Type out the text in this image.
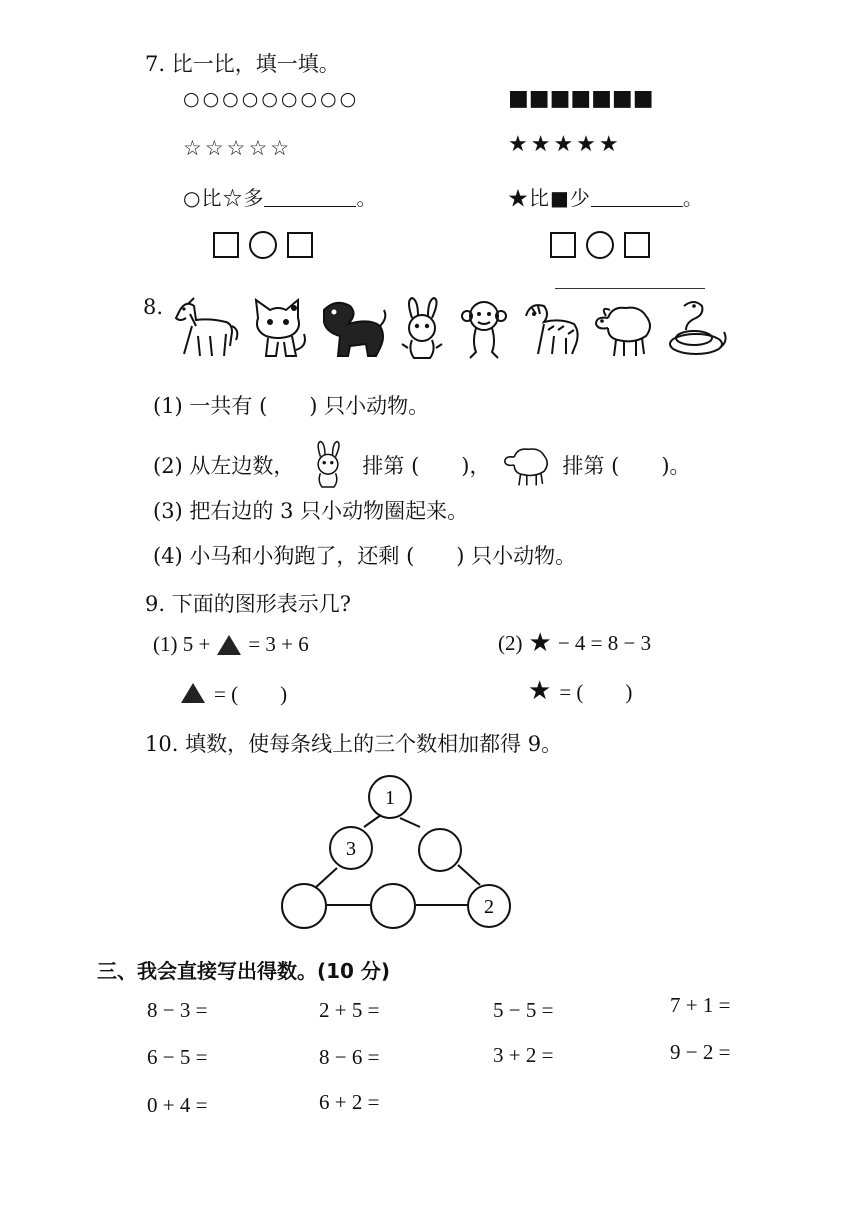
7. 比一比，填一填。
○○○○○○○○○	■■■■■■■
☆☆☆☆☆	★★★★★
○比☆多	。	★比■少	。
8.
(1) 一共有 (　　) 只小动物。
(2) 从左边数，	排第 (　　)，	排第 (　　)。
(3) 把右边的 3 只小动物圈起来。
(4) 小马和小狗跑了，还剩 (　　) 只小动物。
9. 下面的图形表示几?
(1) 5 + = 3 + 6	(2) ★ − 4 = 8 − 3
= (　　)	★ = (　　)
10. 填数，使每条线上的三个数相加都得 9。
1
3
2
三、我会直接写出得数。(10 分)
8 − 3 =	2 + 5 =	5 − 5 =	7 + 1 =
6 − 5 =	8 − 6 =	3 + 2 =	9 − 2 =
0 + 4 =	6 + 2 =
